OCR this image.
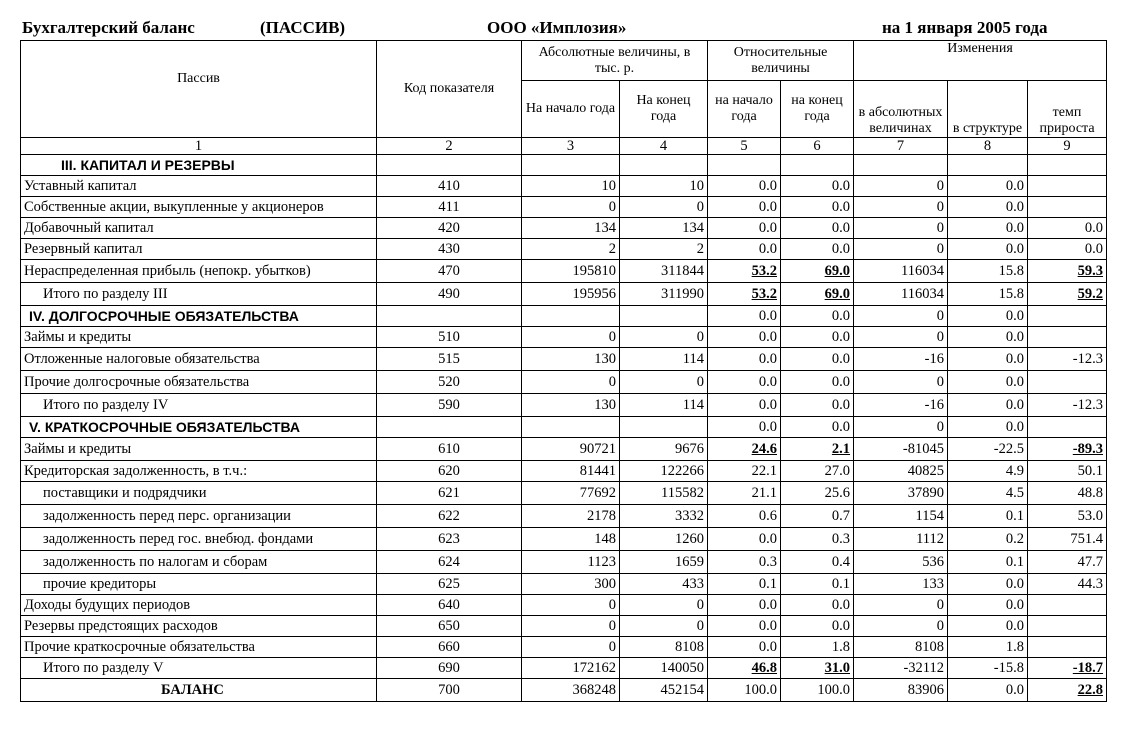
Бухгалтерский баланс	(ПАССИВ)	ООО «Имплозия»	на 1 января 2005 года
Пассив	Код показателя	Абсолютные величины, в тыс. р.		Относительные величины		Изменения		
		На начало года	На конец года	на начало года	на конец года	в абсолютных величинах	в структуре	темп прироста
1	2	3	4	5	6	7	8	9
III. КАПИТАЛ И РЕЗЕРВЫ								
Уставный капитал	410	10	10	0.0	0.0	0	0.0	
Собственные акции, выкупленные у акционеров	411	0	0	0.0	0.0	0	0.0	
Добавочный капитал	420	134	134	0.0	0.0	0	0.0	0.0
Резервный капитал	430	2	2	0.0	0.0	0	0.0	0.0
Нераспределенная прибыль (непокр. убытков)	470	195810	311844	53.2	69.0	116034	15.8	59.3
Итого по разделу III	490	195956	311990	53.2	69.0	116034	15.8	59.2
IV. ДОЛГОСРОЧНЫЕ ОБЯЗАТЕЛЬСТВА				0.0	0.0	0	0.0	
Займы и кредиты	510	0	0	0.0	0.0	0	0.0	
Отложенные налоговые обязательства	515	130	114	0.0	0.0	-16	0.0	-12.3
Прочие долгосрочные обязательства	520	0	0	0.0	0.0	0	0.0	
Итого по разделу IV	590	130	114	0.0	0.0	-16	0.0	-12.3
V. КРАТКОСРОЧНЫЕ ОБЯЗАТЕЛЬСТВА				0.0	0.0	0	0.0	
Займы и кредиты	610	90721	9676	24.6	2.1	-81045	-22.5	-89.3
Кредиторская задолженность, в т.ч.:	620	81441	122266	22.1	27.0	40825	4.9	50.1
поставщики и подрядчики	621	77692	115582	21.1	25.6	37890	4.5	48.8
задолженность перед перс. организации	622	2178	3332	0.6	0.7	1154	0.1	53.0
задолженность перед гос. внебюд. фондами	623	148	1260	0.0	0.3	1112	0.2	751.4
задолженность по налогам и сборам	624	1123	1659	0.3	0.4	536	0.1	47.7
прочие кредиторы	625	300	433	0.1	0.1	133	0.0	44.3
Доходы будущих периодов	640	0	0	0.0	0.0	0	0.0	
Резервы предстоящих расходов	650	0	0	0.0	0.0	0	0.0	
Прочие краткосрочные обязательства	660	0	8108	0.0	1.8	8108	1.8	
Итого по разделу V	690	172162	140050	46.8	31.0	-32112	-15.8	-18.7
БАЛАНС	700	368248	452154	100.0	100.0	83906	0.0	22.8
